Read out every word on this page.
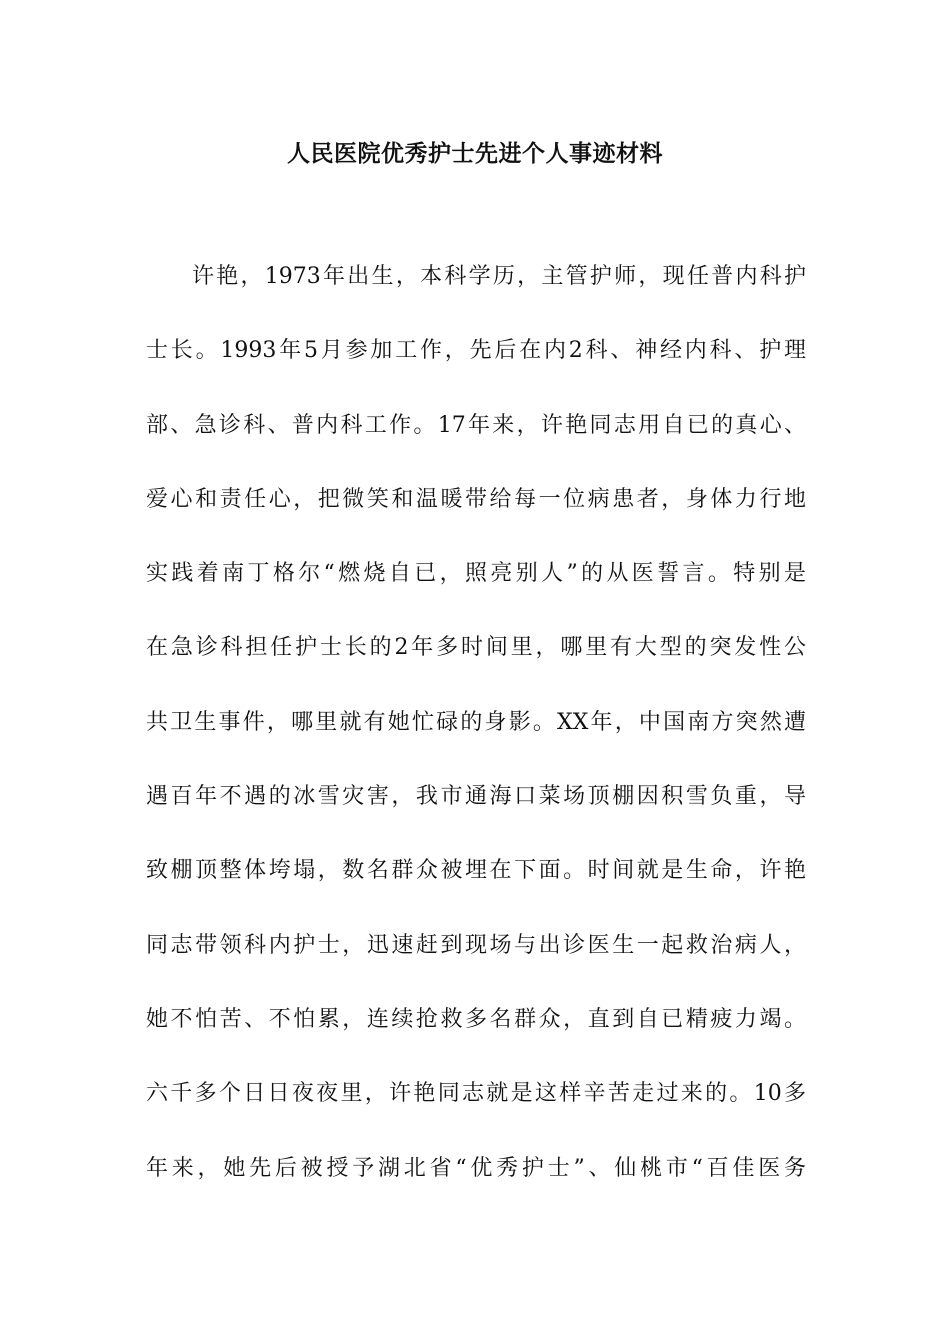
人民医院优秀护士先进个人事迹材料
许艳，1973年出生，本科学历，主管护师，现任普内科护
士长。1993年5月参加工作，先后在内2科、神经内科、护理
部、急诊科、普内科工作。17年来，许艳同志用自已的真心、
爱心和责任心，把微笑和温暖带给每一位病患者，身体力行地
实践着南丁格尔“燃烧自已，照亮别人”的从医誓言。特别是
在急诊科担任护士长的2年多时间里，哪里有大型的突发性公
共卫生事件，哪里就有她忙碌的身影。XX年，中国南方突然遭
遇百年不遇的冰雪灾害，我市通海口菜场顶棚因积雪负重，导
致棚顶整体垮塌，数名群众被埋在下面。时间就是生命，许艳
同志带领科内护士，迅速赶到现场与出诊医生一起救治病人，
她不怕苦、不怕累，连续抢救多名群众，直到自已精疲力竭。
六千多个日日夜夜里，许艳同志就是这样辛苦走过来的。10多
年来，她先后被授予湖北省“优秀护士”、仙桃市“百佳医务
